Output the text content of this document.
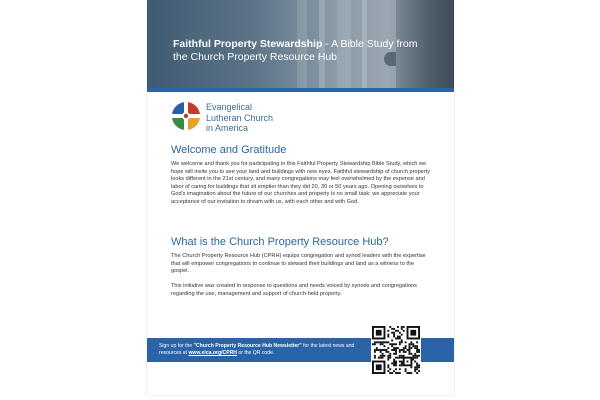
Faithful Property Stewardship - A Bible Study from the Church Property Resource Hub
Evangelical
Lutheran Church
in America
Welcome and Gratitude
We welcome and thank you for participating in this Faithful Property Stewardship Bible Study, which we hope will invite you to see your land and buildings with new eyes. Faithful stewardship of church property looks different in the 21st century, and many congregations may feel overwhelmed by the expense and labor of caring for buildings that sit emptier than they did 20, 30 or 50 years ago. Opening ourselves to God's imagination about the future of our churches and property is no small task; we appreciate your acceptance of our invitation to dream with us, with each other and with God.
What is the Church Property Resource Hub?
The Church Property Resource Hub (CPRH) equips congregation and synod leaders with the expertise that will empower congregations to continue to steward their buildings and land as a witness to the gospel.
This initiative was created in response to questions and needs voiced by synods and congregations regarding the use, management and support of church-held property.
Sign up for the "Church Property Resource Hub Newsletter" for the latest news and resources at www.elca.org/CPRH or the QR code.
